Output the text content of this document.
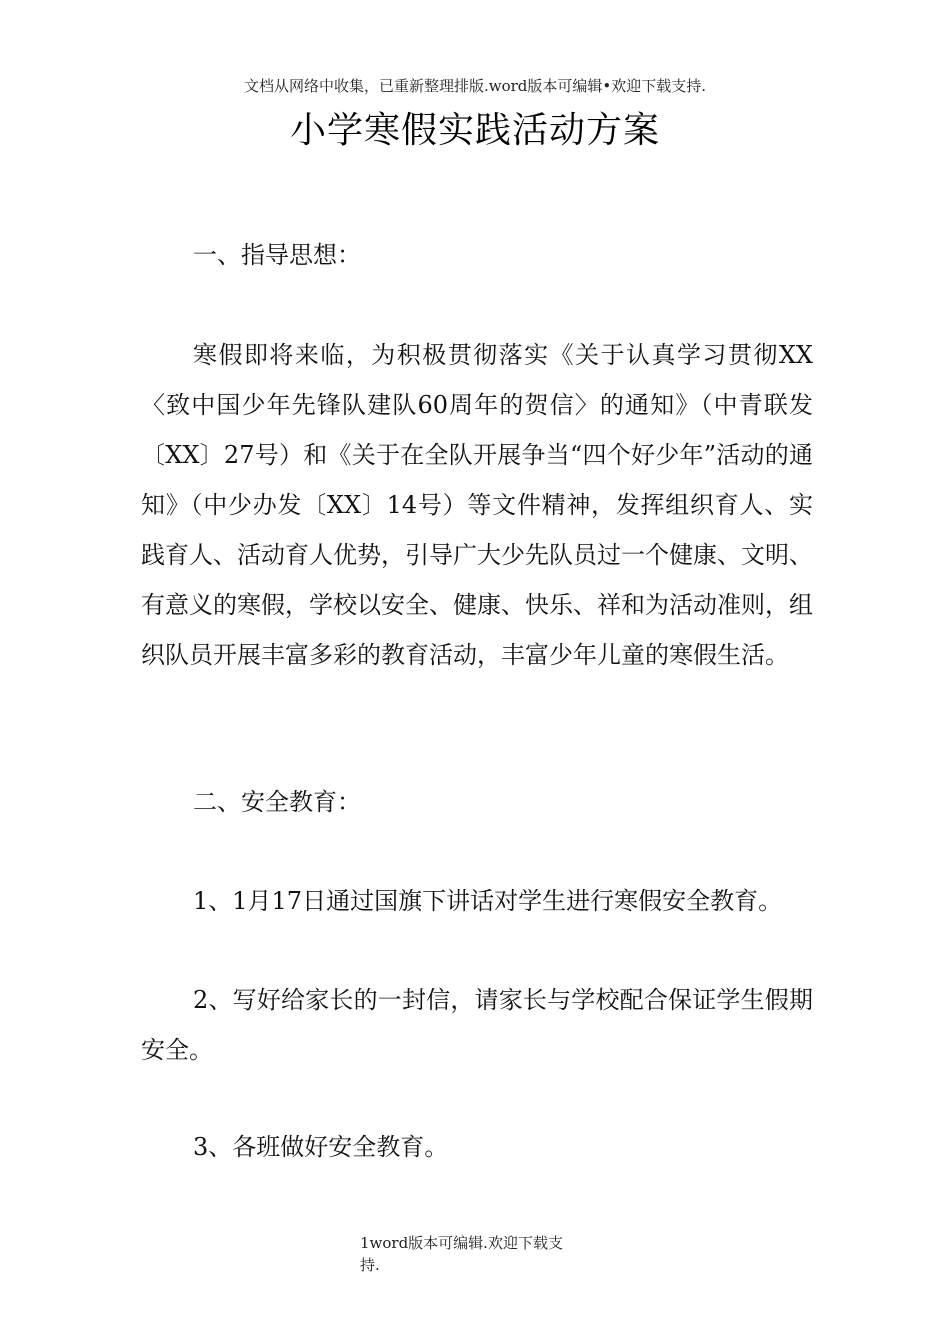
文档从网络中收集，已重新整理排版.word版本可编辑•欢迎下载支持.
小学寒假实践活动方案
一、指导思想：
寒假即将来临，为积极贯彻落实《关于认真学习贯彻XX〈致中国少年先锋队建队60周年的贺信〉的通知》（中青联发〔XX〕27号）和《关于在全队开展争当“四个好少年”活动的通知》（中少办发〔XX〕14号）等文件精神，发挥组织育人、实践育人、活动育人优势，引导广大少先队员过一个健康、文明、有意义的寒假，学校以安全、健康、快乐、祥和为活动准则，组织队员开展丰富多彩的教育活动，丰富少年儿童的寒假生活。
二、安全教育：
1、1月17日通过国旗下讲话对学生进行寒假安全教育。
2、写好给家长的一封信，请家长与学校配合保证学生假期安全。
3、各班做好安全教育。
1word版本可编辑.欢迎下载支
持.
